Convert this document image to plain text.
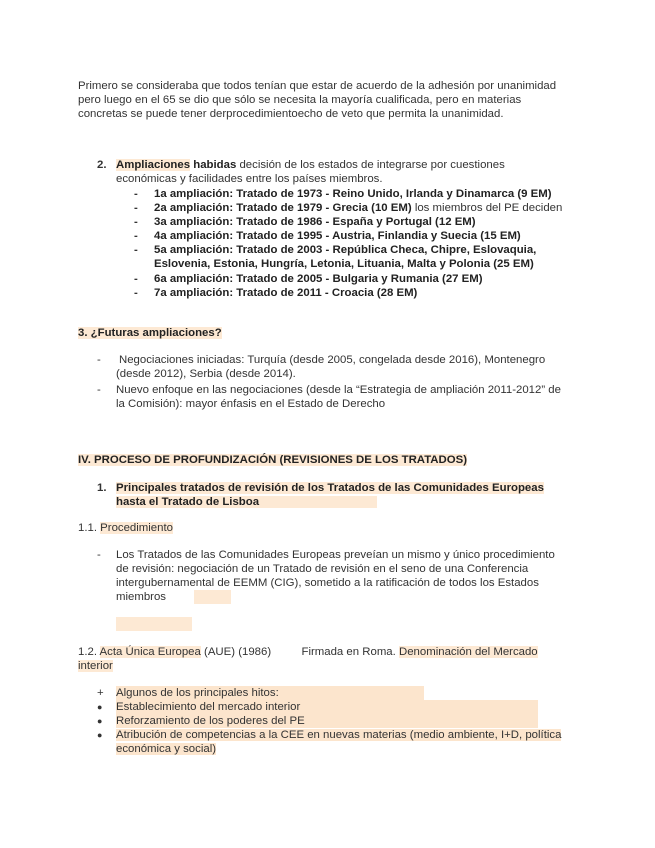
Primero se consideraba que todos tenían que estar de acuerdo de la adhesión por unanimidad
pero luego en el 65 se dio que sólo se necesita la mayoría cualificada, pero en materias
concretas se puede tener derprocedimientoecho de veto que permita la unanimidad.
2. Ampliaciones habidas decisión de los estados de integrarse por cuestiones
económicas y facilidades entre los países miembros.
- 1a ampliación: Tratado de 1973 - Reino Unido, Irlanda y Dinamarca (9 EM)
- 2a ampliación: Tratado de 1979 - Grecia (10 EM) los miembros del PE deciden
- 3a ampliación: Tratado de 1986 - España y Portugal (12 EM)
- 4a ampliación: Tratado de 1995 - Austria, Finlandia y Suecia (15 EM)
- 5a ampliación: Tratado de 2003 - República Checa, Chipre, Eslovaquia,
Eslovenia, Estonia, Hungría, Letonia, Lituania, Malta y Polonia (25 EM)
- 6a ampliación: Tratado de 2005 - Bulgaria y Rumania (27 EM)
- 7a ampliación: Tratado de 2011 - Croacia (28 EM)
3. ¿Futuras ampliaciones?
- Negociaciones iniciadas: Turquía (desde 2005, congelada desde 2016), Montenegro
(desde 2012), Serbia (desde 2014).
- Nuevo enfoque en las negociaciones (desde la “Estrategia de ampliación 2011-2012” de
la Comisión): mayor énfasis en el Estado de Derecho
IV. PROCESO DE PROFUNDIZACIÓN (REVISIONES DE LOS TRATADOS)
1. Principales tratados de revisión de los Tratados de las Comunidades Europeas
hasta el Tratado de Lisboa
1.1. Procedimiento
- Los Tratados de las Comunidades Europeas preveían un mismo y único procedimiento
de revisión: negociación de un Tratado de revisión en el seno de una Conferencia
intergubernamental de EEMM (CIG), sometido a la ratificación de todos los Estados
miembros
1.2. Acta Única Europea (AUE) (1986)	Firmada en Roma. Denominación del Mercado
interior
+ Algunos de los principales hitos:
● Establecimiento del mercado interior
● Reforzamiento de los poderes del PE
● Atribución de competencias a la CEE en nuevas materias (medio ambiente, I+D, política
económica y social)
